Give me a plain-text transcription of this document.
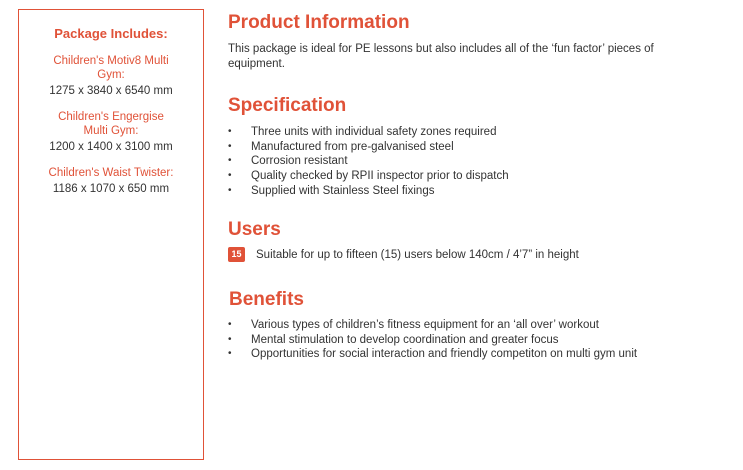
Package Includes:
Children's Motiv8 Multi Gym:
1275 x 3840 x 6540 mm
Children's Engergise Multi Gym:
1200 x 1400 x 3100 mm
Children's Waist Twister:
1186 x 1070 x 650 mm
Product Information
This package is ideal for PE lessons but also includes all of the ‘fun factor’ pieces of equipment.
Specification
• Three units with individual safety zones required
• Manufactured from pre-galvanised steel
• Corrosion resistant
• Quality checked by RPII inspector prior to dispatch
• Supplied with Stainless Steel fixings
Users
15	Suitable for up to fifteen (15) users below 140cm / 4’7” in height
Benefits
• Various types of children’s fitness equipment for an ‘all over’ workout
• Mental stimulation to develop coordination and greater focus
• Opportunities for social interaction and friendly competiton on multi gym unit
